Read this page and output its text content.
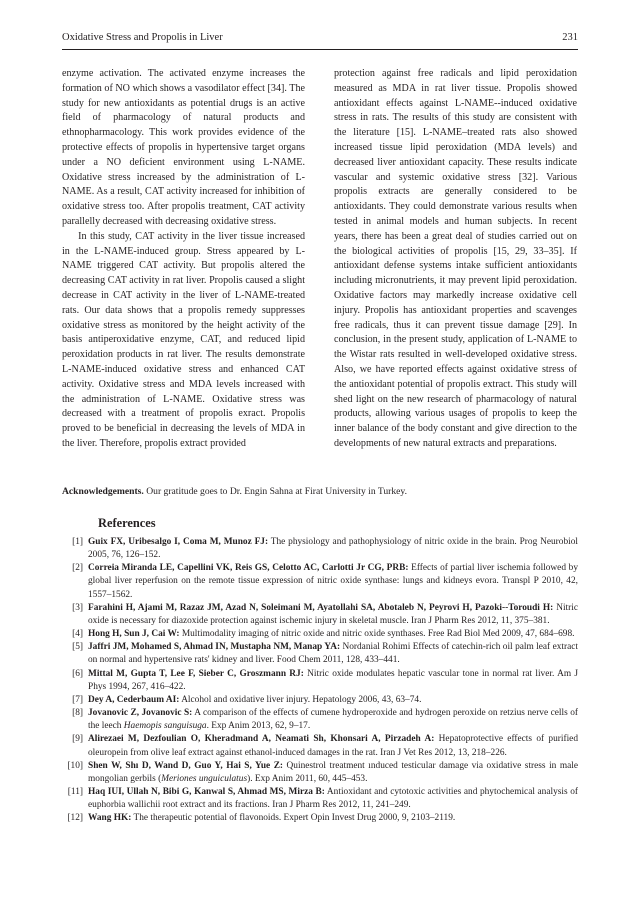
Oxidative Stress and Propolis in Liver	231

enzyme activation. The activated enzyme increases the formation of NO which shows a vasodilator effect [34]. The study for new antioxidants as potential drugs is an active field of pharmacology of natural products and ethnopharmacology. This work provides evidence of the protective effects of propolis in hypertensive target organs under a NO deficient environment using L-NAME. Oxidative stress increased by the administration of L-NAME. As a result, CAT activity increased for inhibition of oxidative stress too. After propolis treatment, CAT activity parallelly decreased with decreasing oxidative stress.

In this study, CAT activity in the liver tissue increased in the L-NAME-induced group. Stress appeared by L-NAME triggered CAT activity. But propolis altered the decreasing CAT activity in rat liver. Propolis caused a slight decrease in CAT activity in the liver of L-NAME-treated rats. Our data shows that a propolis remedy suppresses oxidative stress as monitored by the height activity of the basis antiperoxidative enzyme, CAT, and reduced lipid peroxidation products in rat liver. The results demonstrate L-NAME-induced oxidative stress and enhanced CAT activity. Oxidative stress and MDA levels increased with the administration of L-NAME. Oxidative stress was decreased with a treatment of propolis exract. Propolis proved to be beneficial in decreasing the levels of MDA in the liver. Therefore, propolis extract provided

protection against free radicals and lipid peroxidation measured as MDA in rat liver tissue. Propolis showed antioxidant effects against L-NAME--induced oxidative stress in rats. The results of this study are consistent with the literature [15]. L-NAME–treated rats also showed increased tissue lipid peroxidation (MDA levels) and decreased liver antioxidant capacity. These results indicate vascular and systemic oxidative stress [32]. Various propolis extracts are generally considered to be antioxidants. They could demonstrate various results when tested in animal models and human subjects. In recent years, there has been a great deal of studies carried out on the biological activities of propolis [15, 29, 33–35]. If antioxidant defense systems intake sufficient antioxidants including micronutrients, it may prevent lipid peroxidation. Oxidative factors may markedly increase oxidative cell injury. Propolis has antioxidant properties and scavenges free radicals, thus it can prevent tissue damage [29]. In conclusion, in the present study, application of L-NAME to the Wistar rats resulted in well-developed oxidative stress. Also, we have reported effects against oxidative stress of the antioxidant potential of propolis extract. This study will shed light on the new research of pharmacology of natural products, allowing various usages of propolis to keep the inner balance of the body constant and give direction to the developments of new natural extracts and preparations.

Acknowledgements. Our gratitude goes to Dr. Engin Sahna at Firat University in Turkey.
References
[1] Guix FX, Uribesalgo I, Coma M, Munoz FJ: The physiology and pathophysiology of nitric oxide in the brain. Prog Neurobiol 2005, 76, 126–152.
[2] Correia Miranda LE, Capellini VK, Reis GS, Celotto AC, Carlotti Jr CG, PRB: Effects of partial liver ischemia followed by global liver reperfusion on the remote tissue expression of nitric oxide synthase: lungs and kidneys evora. Transpl P 2010, 42, 1557–1562.
[3] Farahini H, Ajami M, Razaz JM, Azad N, Soleimani M, Ayatollahi SA, Abotaleb N, Peyrovi H, Pazoki--Toroudi H: Nitric oxide is necessary for diazoxide protection against ischemic injury in skeletal muscle. Iran J Pharm Res 2012, 11, 375–381.
[4] Hong H, Sun J, Cai W: Multimodality imaging of nitric oxide and nitric oxide synthases. Free Rad Biol Med 2009, 47, 684–698.
[5] Jaffri JM, Mohamed S, Ahmad IN, Mustapha NM, Manap YA: Nordanial Rohimi Effects of catechin-rich oil palm leaf extract on normal and hypertensive rats' kidney and liver. Food Chem 2011, 128, 433–441.
[6] Mittal M, Gupta T, Lee F, Sieber C, Groszmann RJ: Nitric oxide modulates hepatic vascular tone in normal rat liver. Am J Phys 1994, 267, 416–422.
[7] Dey A, Cederbaum AI: Alcohol and oxidative liver injury. Hepatology 2006, 43, 63–74.
[8] Jovanovic Z, Jovanovic S: A comparison of the effects of cumene hydroperoxide and hydrogen peroxide on retzius nerve cells of the leech Haemopis sanguisuga. Exp Anim 2013, 62, 9–17.
[9] Alirezaei M, Dezfoulian O, Kheradmand A, Neamati Sh, Khonsari A, Pirzadeh A: Hepatoprotective effects of purified oleuropein from olive leaf extract against ethanol-induced damages in the rat. Iran J Vet Res 2012, 13, 218–226.
[10] Shen W, Shı D, Wand D, Guo Y, Hai S, Yue Z: Quinestrol treatment ınduced testicular damage via oxidative stress in male mongolian gerbils (Meriones unguiculatus). Exp Anim 2011, 60, 445–453.
[11] Haq IUI, Ullah N, Bibi G, Kanwal S, Ahmad MS, Mirza B: Antioxidant and cytotoxic activities and phytochemical analysis of euphorbia wallichii root extract and its fractions. Iran J Pharm Res 2012, 11, 241–249.
[12] Wang HK: The therapeutic potential of flavonoids. Expert Opin Invest Drug 2000, 9, 2103–2119.
